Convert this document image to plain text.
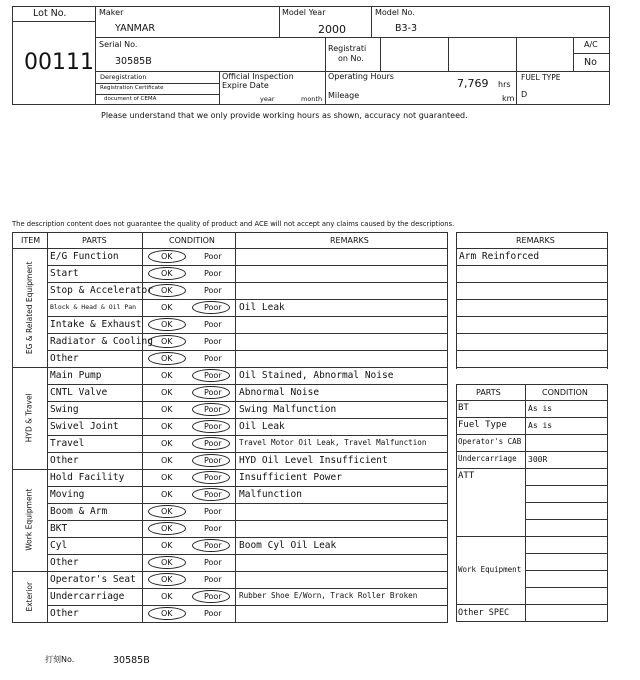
Lot No.
00111
Maker
YANMAR
Model Year
2000
Model No.
B3-3
Serial No.
30585B
Registrati
on No.
A/C
No
Deregistration
Registration Certificate
document of CEMA
Official Inspection
Expire Date
year	month
Operating Hours
7,769 hrs
Mileage	km
FUEL TYPE
D
Please understand that we only provide working hours as shown, accuracy not guaranteed.
The description content does not guarantee the quality of product and ACE will not accept any claims caused by the descriptions.
ITEM	PARTS	CONDITION	REMARKS
E/G Function	OK	Poor
Start	OK	Poor
Stop & Accelerator OK	Poor
Block & Head & Oil Pan	OK	Poor Oil Leak
Intake & Exhaust OK	Poor
Radiator & Cooling OK	Poor
Other	OK	Poor
EG & Related Equipment
Main Pump	OK	Poor Oil Stained, Abnormal Noise
CNTL Valve	OK	Poor Abnormal Noise
Swing	OK	Poor Swing Malfunction
Swivel Joint	OK	Poor Oil Leak
Travel	OK	Poor Travel Motor Oil Leak, Travel Malfunction
Other	OK	Poor HYD Oil Level Insufficient
HYD & Travel
Hold Facility	OK	Poor Insufficient Power
Moving	OK	Poor Malfunction
Boom & Arm	OK	Poor
BKT	OK	Poor
Cyl	OK	Poor Boom Cyl Oil Leak
Other	OK	Poor
Work Equipment
Operator's Seat	OK	Poor
Undercarriage	OK	Poor Rubber Shoe E/Worn, Track Roller Broken
Other	OK	Poor
Exterior
REMARKS
Arm Reinforced
PARTS	CONDITION
BT	As is
Fuel Type	As is
Operator's CAB
Undercarriage 300R
ATT
Work Equipment
Other SPEC
打刻No.	30585B
